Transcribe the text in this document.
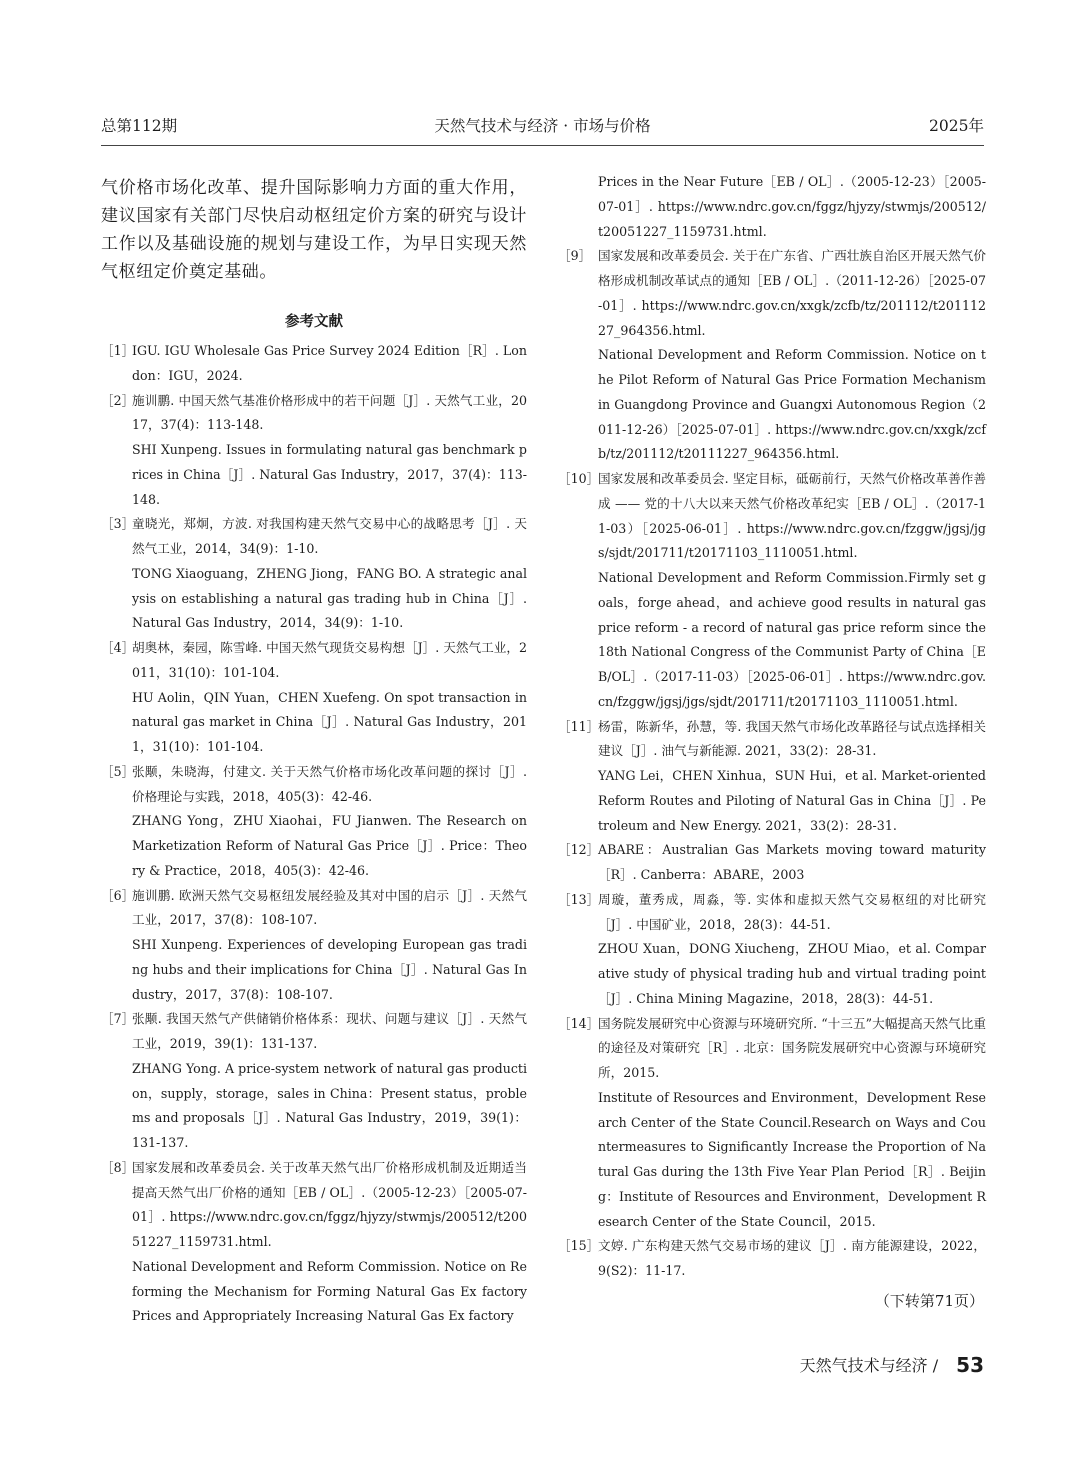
总第112期	天然气技术与经济 · 市场与价格	2025年

气价格市场化改革、提升国际影响力方面的重大作用，建议国家有关部门尽快启动枢纽定价方案的研究与设计工作以及基础设施的规划与建设工作，为早日实现天然气枢纽定价奠定基础。

参考文献
［1］

IGU. IGU Wholesale Gas Price Survey 2024 Edition［R］. London：IGU，2024.

［2］

施训鹏. 中国天然气基准价格形成中的若干问题［J］. 天然气工业，2017，37(4)：113-148.

SHI Xunpeng. Issues in formulating natural gas benchmark prices in China［J］. Natural Gas Industry，2017，37(4)：113-148.

［3］

童晓光，郑炯，方波. 对我国构建天然气交易中心的战略思考［J］. 天然气工业，2014，34(9)：1-10.

TONG Xiaoguang，ZHENG Jiong，FANG BO. A strategic analysis on establishing a natural gas trading hub in China［J］. Natural Gas Industry，2014，34(9)：1-10.

［4］

胡奥林，秦园，陈雪峰. 中国天然气现货交易构想［J］. 天然气工业，2011，31(10)：101-104.

HU Aolin，QIN Yuan，CHEN Xuefeng. On spot transaction in natural gas market in China［J］. Natural Gas Industry，2011，31(10)：101-104.

［5］

张颙，朱晓海，付建文. 关于天然气价格市场化改革问题的探讨［J］. 价格理论与实践，2018，405(3)：42-46.

ZHANG Yong，ZHU Xiaohai，FU Jianwen. The Research on Marketization Reform of Natural Gas Price［J］. Price：Theory & Practice，2018，405(3)：42-46.

［6］

施训鹏. 欧洲天然气交易枢纽发展经验及其对中国的启示［J］. 天然气工业，2017，37(8)：108-107.

SHI Xunpeng. Experiences of developing European gas trading hubs and their implications for China［J］. Natural Gas Industry，2017，37(8)：108-107.

［7］

张颙. 我国天然气产供储销价格体系：现状、问题与建议［J］. 天然气工业，2019，39(1)：131-137.

ZHANG Yong. A price-system network of natural gas production，supply，storage，sales in China：Present status，problems and proposals［J］. Natural Gas Industry，2019，39(1)：131-137.

［8］

国家发展和改革委员会. 关于改革天然气出厂价格形成机制及近期适当提高天然气出厂价格的通知［EB / OL］.（2005-12-23）［2005-07-01］. https://www.ndrc.gov.cn/fggz/hjyzy/stwmjs/200512/t20051227_1159731.html.

National Development and Reform Commission. Notice on Reforming the Mechanism for Forming Natural Gas Ex factory Prices and Appropriately Increasing Natural Gas Ex factory

Prices in the Near Future［EB / OL］.（2005-12-23）［2005-07-01］. https://www.ndrc.gov.cn/fggz/hjyzy/stwmjs/200512/t20051227_1159731.html.

［9］ 国家发展和改革委员会. 关于在广东省、广西壮族自治区开展天然气价格形成机制改革试点的通知［EB / OL］.（2011-12-26）［2025-07-01］. https://www.ndrc.gov.cn/xxgk/zcfb/tz/201112/t20111227_964356.html.

National Development and Reform Commission. Notice on the Pilot Reform of Natural Gas Price Formation Mechanism in Guangdong Province and Guangxi Autonomous Region（2011-12-26）［2025-07-01］. https://www.ndrc.gov.cn/xxgk/zcfb/tz/201112/t20111227_964356.html.

［10］

国家发展和改革委员会. 坚定目标，砥砺前行，天然气价格改革善作善成 —— 党的十八大以来天然气价格改革纪实［EB / OL］.（2017-11-03）［2025-06-01］. https://www.ndrc.gov.cn/fzggw/jgsj/jgs/sjdt/201711/t20171103_1110051.html.

National Development and Reform Commission.Firmly set goals，forge ahead，and achieve good results in natural gas price reform - a record of natural gas price reform since the 18th National Congress of the Communist Party of China［EB/OL］.（2017-11-03）［2025-06-01］. https://www.ndrc.gov.cn/fzggw/jgsj/jgs/sjdt/201711/t20171103_1110051.html.

［11］

杨雷，陈新华，孙慧，等. 我国天然气市场化改革路径与试点选择相关建议［J］. 油气与新能源. 2021，33(2)：28-31.

YANG Lei，CHEN Xinhua，SUN Hui，et al. Market-oriented Reform Routes and Piloting of Natural Gas in China［J］. Petroleum and New Energy. 2021，33(2)：28-31.

［12］

ABARE：Australian Gas Markets moving toward maturity［R］. Canberra：ABARE，2003

［13］

周璇，董秀成，周淼，等. 实体和虚拟天然气交易枢纽的对比研究［J］. 中国矿业，2018，28(3)：44-51.

ZHOU Xuan，DONG Xiucheng，ZHOU Miao，et al. Comparative study of physical trading hub and virtual trading point［J］. China Mining Magazine，2018，28(3)：44-51.

［14］

国务院发展研究中心资源与环境研究所. “十三五”大幅提高天然气比重的途径及对策研究［R］. 北京：国务院发展研究中心资源与环境研究所，2015.

Institute of Resources and Environment，Development Research Center of the State Council.Research on Ways and Countermeasures to Significantly Increase the Proportion of Natural Gas during the 13th Five Year Plan Period［R］. Beijing：Institute of Resources and Environment，Development Research Center of the State Council，2015.

［15］

文婷. 广东构建天然气交易市场的建议［J］. 南方能源建设，2022，9(S2)：11-17.

（下转第71页）
天然气技术与经济 / 53
